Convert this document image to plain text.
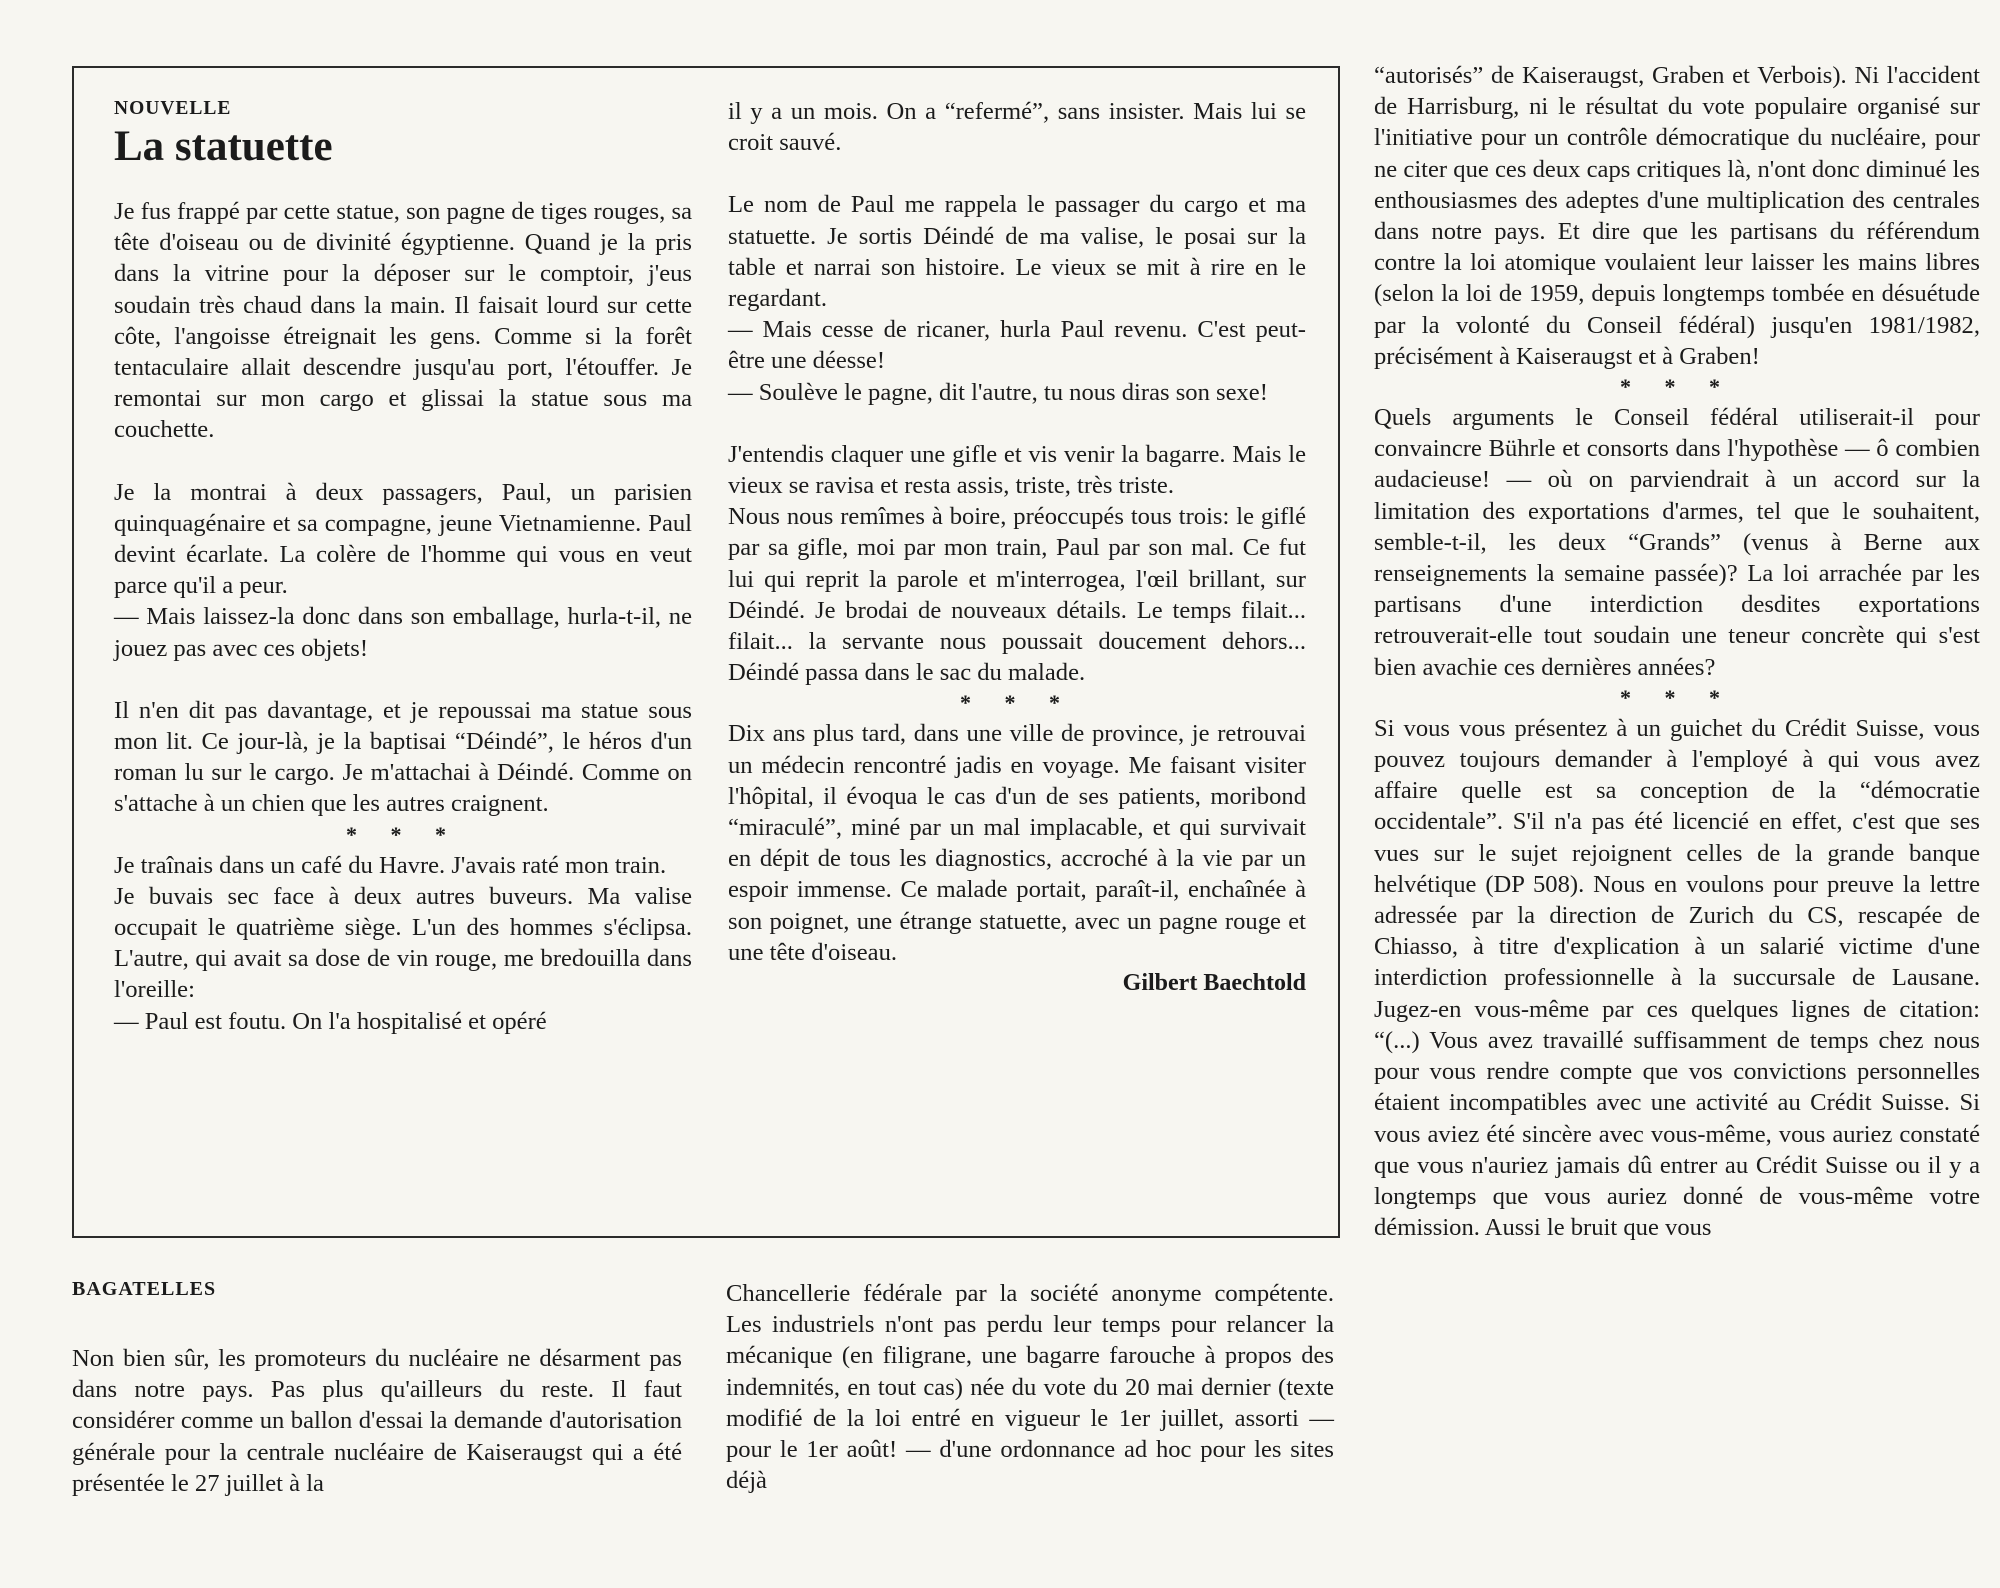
NOUVELLE

La statuette

Je fus frappé par cette statue, son pagne de tiges rouges, sa tête d'oiseau ou de divinité égyptienne. Quand je la pris dans la vitrine pour la déposer sur le comptoir, j'eus soudain très chaud dans la main. Il faisait lourd sur cette côte, l'angoisse étreignait les gens. Comme si la forêt tentaculaire allait descendre jusqu'au port, l'étouffer. Je remontai sur mon cargo et glissai la statue sous ma couchette.

Je la montrai à deux passagers, Paul, un parisien quinquagénaire et sa compagne, jeune Vietnamienne. Paul devint écarlate. La colère de l'homme qui vous en veut parce qu'il a peur.

— Mais laissez-la donc dans son emballage, hurla-t-il, ne jouez pas avec ces objets!

Il n'en dit pas davantage, et je repoussai ma statue sous mon lit. Ce jour-là, je la baptisai “Déindé”, le héros d'un roman lu sur le cargo. Je m'attachai à Déindé. Comme on s'attache à un chien que les autres craignent.

* * *

Je traînais dans un café du Havre. J'avais raté mon train.

Je buvais sec face à deux autres buveurs. Ma valise occupait le quatrième siège. L'un des hommes s'éclipsa. L'autre, qui avait sa dose de vin rouge, me bredouilla dans l'oreille:

— Paul est foutu. On l'a hospitalisé et opéré

il y a un mois. On a “refermé”, sans insister. Mais lui se croit sauvé.

Le nom de Paul me rappela le passager du cargo et ma statuette. Je sortis Déindé de ma valise, le posai sur la table et narrai son histoire. Le vieux se mit à rire en le regardant.

— Mais cesse de ricaner, hurla Paul revenu. C'est peut-être une déesse!

— Soulève le pagne, dit l'autre, tu nous diras son sexe!

J'entendis claquer une gifle et vis venir la bagarre. Mais le vieux se ravisa et resta assis, triste, très triste.

Nous nous remîmes à boire, préoccupés tous trois: le giflé par sa gifle, moi par mon train, Paul par son mal. Ce fut lui qui reprit la parole et m'interrogea, l'œil brillant, sur Déindé. Je brodai de nouveaux détails. Le temps filait... filait... la servante nous poussait doucement dehors... Déindé passa dans le sac du malade.

* * *

Dix ans plus tard, dans une ville de province, je retrouvai un médecin rencontré jadis en voyage. Me faisant visiter l'hôpital, il évoqua le cas d'un de ses patients, moribond “miraculé”, miné par un mal implacable, et qui survivait en dépit de tous les diagnostics, accroché à la vie par un espoir immense. Ce malade portait, paraît-il, enchaînée à son poignet, une étrange statuette, avec un pagne rouge et une tête d'oiseau.

Gilbert Baechtold

“autorisés” de Kaiseraugst, Graben et Verbois). Ni l'accident de Harrisburg, ni le résultat du vote populaire organisé sur l'initiative pour un contrôle démocratique du nucléaire, pour ne citer que ces deux caps critiques là, n'ont donc diminué les enthousiasmes des adeptes d'une multiplication des centrales dans notre pays. Et dire que les partisans du référendum contre la loi atomique voulaient leur laisser les mains libres (selon la loi de 1959, depuis longtemps tombée en désuétude par la volonté du Conseil fédéral) jusqu'en 1981/1982, précisément à Kaiseraugst et à Graben!

* * *

Quels arguments le Conseil fédéral utiliserait-il pour convaincre Bührle et consorts dans l'hypothèse — ô combien audacieuse! — où on parviendrait à un accord sur la limitation des exportations d'armes, tel que le souhaitent, semble-t-il, les deux “Grands” (venus à Berne aux renseignements la semaine passée)? La loi arrachée par les partisans d'une interdiction desdites exportations retrouverait-elle tout soudain une teneur concrète qui s'est bien avachie ces dernières années?

* * *

Si vous vous présentez à un guichet du Crédit Suisse, vous pouvez toujours demander à l'employé à qui vous avez affaire quelle est sa conception de la “démocratie occidentale”. S'il n'a pas été licencié en effet, c'est que ses vues sur le sujet rejoignent celles de la grande banque helvétique (DP 508). Nous en voulons pour preuve la lettre adressée par la direction de Zurich du CS, rescapée de Chiasso, à titre d'explication à un salarié victime d'une interdiction professionnelle à la succursale de Lausane. Jugez-en vous-même par ces quelques lignes de citation: “(...) Vous avez travaillé suffisamment de temps chez nous pour vous rendre compte que vos convictions personnelles étaient incompatibles avec une activité au Crédit Suisse. Si vous aviez été sincère avec vous-même, vous auriez constaté que vous n'auriez jamais dû entrer au Crédit Suisse ou il y a longtemps que vous auriez donné de vous-même votre démission. Aussi le bruit que vous

BAGATELLES

Non bien sûr, les promoteurs du nucléaire ne désarment pas dans notre pays. Pas plus qu'ailleurs du reste. Il faut considérer comme un ballon d'essai la demande d'autorisation générale pour la centrale nucléaire de Kaiseraugst qui a été présentée le 27 juillet à la

Chancellerie fédérale par la société anonyme compétente. Les industriels n'ont pas perdu leur temps pour relancer la mécanique (en filigrane, une bagarre farouche à propos des indemnités, en tout cas) née du vote du 20 mai dernier (texte modifié de la loi entré en vigueur le 1er juillet, assorti — pour le 1er août! — d'une ordonnance ad hoc pour les sites déjà
